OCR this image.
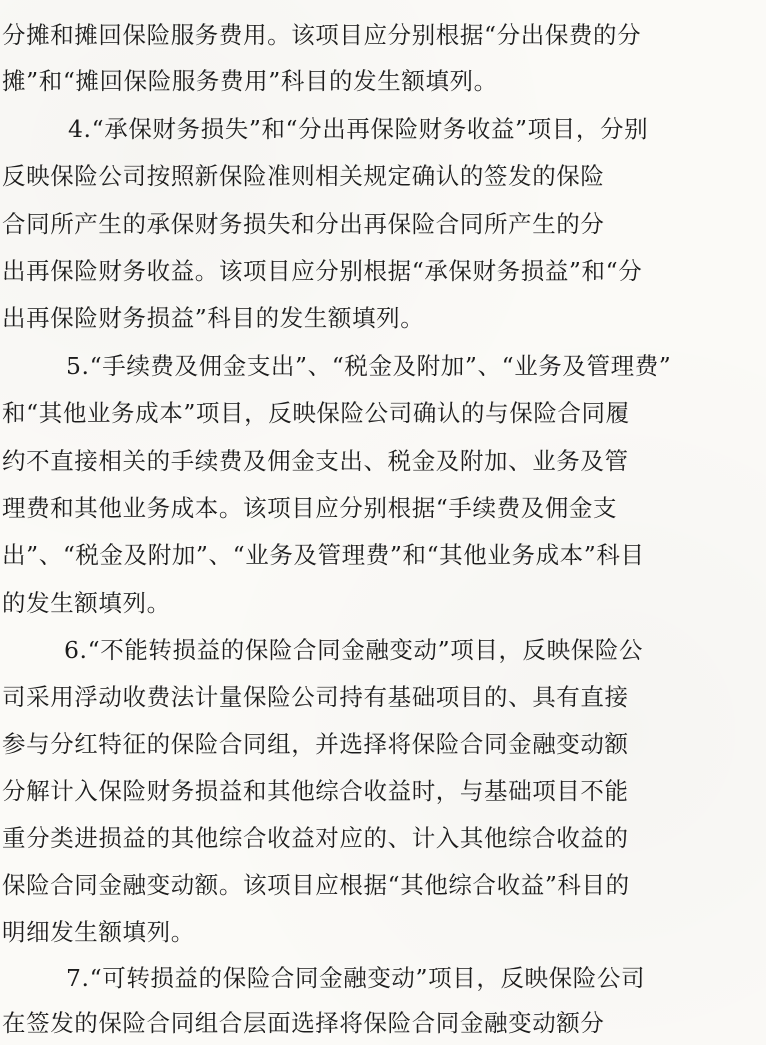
分摊和摊回保险服务费用。该项目应分别根据“分出保费的分
摊”和“摊回保险服务费用”科目的发生额填列。
4.“承保财务损失”和“分出再保险财务收益”项目，分别
反映保险公司按照新保险准则相关规定确认的签发的保险
合同所产生的承保财务损失和分出再保险合同所产生的分
出再保险财务收益。该项目应分别根据“承保财务损益”和“分
出再保险财务损益”科目的发生额填列。
5.“手续费及佣金支出”、“税金及附加”、“业务及管理费”
和“其他业务成本”项目，反映保险公司确认的与保险合同履
约不直接相关的手续费及佣金支出、税金及附加、业务及管
理费和其他业务成本。该项目应分别根据“手续费及佣金支
出”、“税金及附加”、“业务及管理费”和“其他业务成本”科目
的发生额填列。
6.“不能转损益的保险合同金融变动”项目，反映保险公
司采用浮动收费法计量保险公司持有基础项目的、具有直接
参与分红特征的保险合同组，并选择将保险合同金融变动额
分解计入保险财务损益和其他综合收益时，与基础项目不能
重分类进损益的其他综合收益对应的、计入其他综合收益的
保险合同金融变动额。该项目应根据“其他综合收益”科目的
明细发生额填列。
7.“可转损益的保险合同金融变动”项目，反映保险公司
在签发的保险合同组合层面选择将保险合同金融变动额分
